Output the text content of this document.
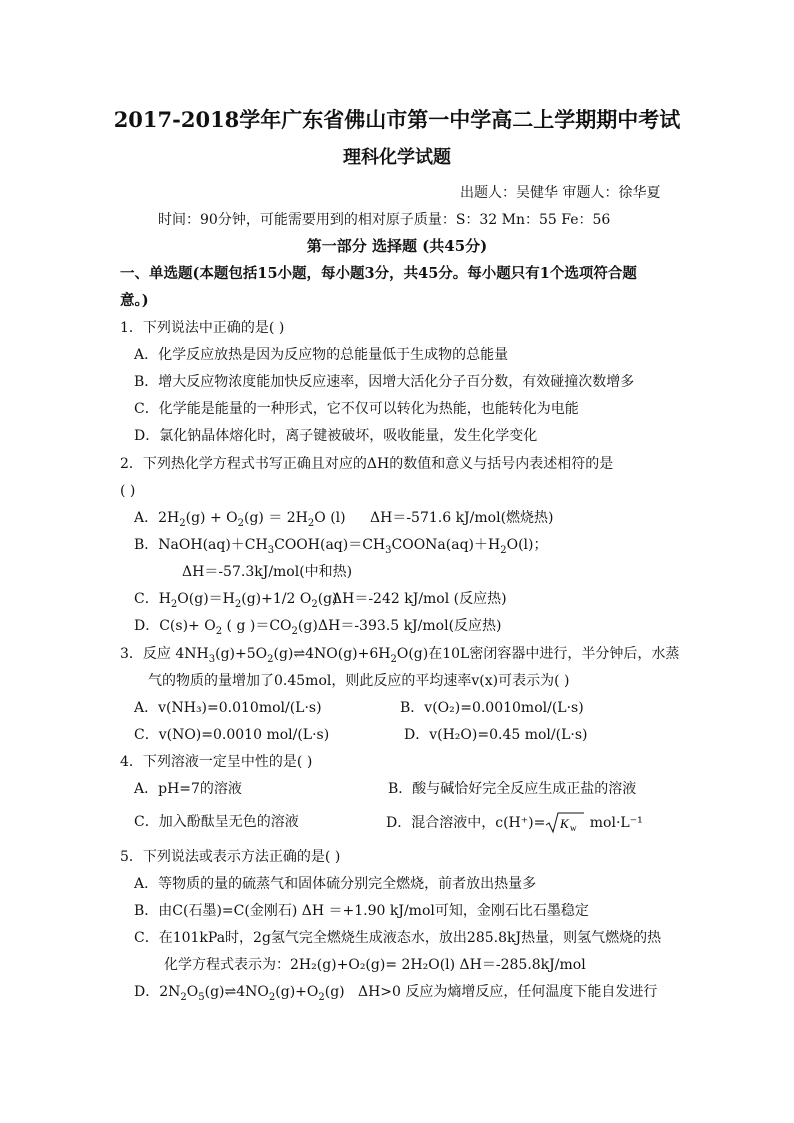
2017-2018学年广东省佛山市第一中学高二上学期期中考试
理科化学试题
出题人：吴健华 审题人：徐华夏
时间：90分钟，可能需要用到的相对原子质量：S：32 Mn：55 Fe：56
第一部分 选择题 (共45分)
一、单选题(本题包括15小题，每小题3分，共45分。每小题只有1个选项符合题
意。)
1．下列说法中正确的是( )
A．化学反应放热是因为反应物的总能量低于生成物的总能量
B．增大反应物浓度能加快反应速率，因增大活化分子百分数，有效碰撞次数增多
C．化学能是能量的一种形式，它不仅可以转化为热能，也能转化为电能
D．氯化钠晶体熔化时，离子键被破坏，吸收能量，发生化学变化
2．下列热化学方程式书写正确且对应的ΔH的数值和意义与括号内表述相符的是
( )
A．$2H_2(g) + O_2(g) = 2H_2O$ (l) ΔH＝-571.6 kJ/mol(燃烧热)
B．$NaOH(aq)+CH_3COOH(aq)=CH_3COONa(aq)+H_2O(l)$；
ΔH＝-57.3kJ/mol(中和热)
C．$H_2O(g)=H_2(g)+1/2$ $O_2(g)$
ΔH＝-242 kJ/mol (反应热)
D．$C(s)+ O_2$ ( g )$=CO_2(g)$ ΔH＝-393.5 kJ/mol(反应热)
3．反应 $4NH_3(g)+5O_2(g)\rightleftharpoons 4NO(g)+6H_2O(g)$在10L密闭容器中进行，半分钟后，水蒸
气的物质的量增加了0.45mol，则此反应的平均速率v(x)可表示为( )
A．v(NH₃)=0.010mol/(L·s)	B．v(O₂)=0.0010mol/(L·s)
C．v(NO)=0.0010 mol/(L·s)	D．v(H₂O)=0.45 mol/(L·s)
4．下列溶液一定呈中性的是( )
A．pH=7的溶液	B．酸与碱恰好完全反应生成正盐的溶液
C．加入酚酞呈无色的溶液	D．混合溶液中，c(H⁺)= K w mol·L⁻¹
5．下列说法或表示方法正确的是( )
A．等物质的量的硫蒸气和固体硫分别完全燃烧，前者放出热量多
B．由C(石墨)=C(金刚石) ΔH ＝+1.90 kJ/mol可知，金刚石比石墨稳定
C．在101kPa时，2g氢气完全燃烧生成液态水，放出285.8kJ热量，则氢气燃烧的热
化学方程式表示为：2H₂(g)+O₂(g)= 2H₂O(l) ΔH＝-285.8kJ/mol
D．$2N_2O_5(g)\rightleftharpoons 4NO_2(g)+O_2(g)$   ΔH>0 反应为熵增反应，任何温度下能自发进行
